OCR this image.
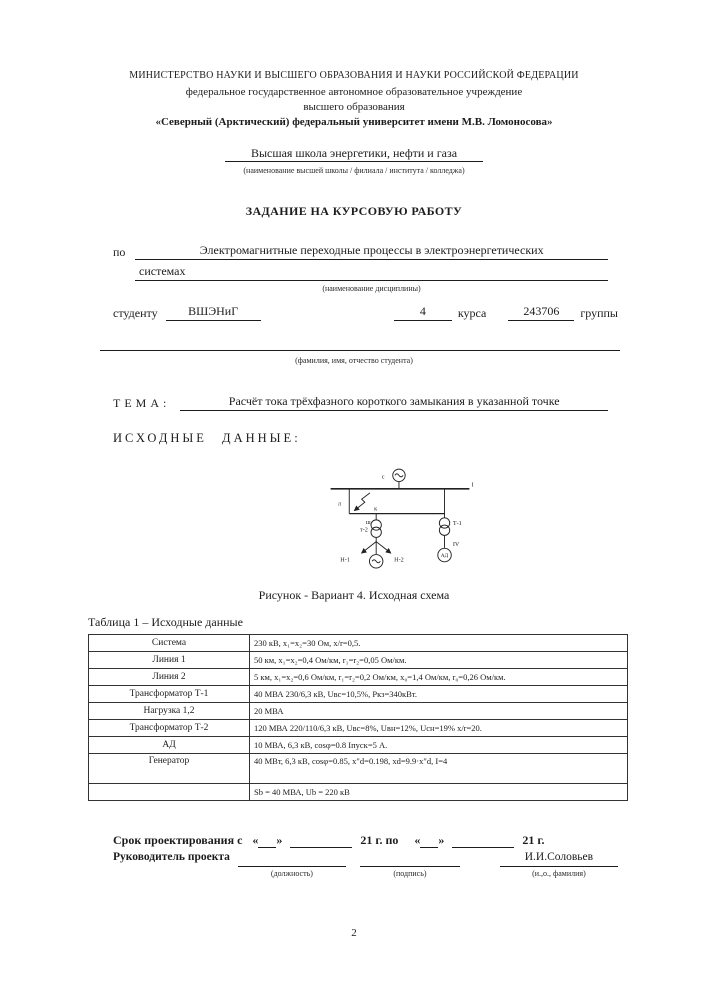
МИНИСТЕРСТВО НАУКИ И ВЫСШЕГО ОБРАЗОВАНИЯ И НАУКИ РОССИЙСКОЙ ФЕДЕРАЦИИ
федеральное государственное автономное образовательное учреждение
высшего образования
«Северный (Арктический) федеральный университет имени М.В. Ломоносова»
Высшая школа энергетики, нефти и газа
(наименование высшей школы / филиала / института / колледжа)
ЗАДАНИЕ НА КУРСОВУЮ РАБОТУ
по	Электромагнитные переходные процессы в электроэнергетических
системах
(наименование дисциплины)
студенту	ВШЭНиГ	4	курса	243706	группы
(фамилия, имя, отчество студента)
ТЕМА:	Расчёт тока трёхфазного короткого замыкания в указанной точке
ИСХОДНЫЕ ДАННЫЕ:
с
I
л
к
ш
т-2
Т-1
Н-1	Н-2
IV
АД
Рисунок - Вариант 4. Исходная схема
Таблица 1 – Исходные данные
Система	230 кВ, x₁=x₂=30 Ом, х/r=0,5.
Линия 1	50 км, x₁=x₂=0,4 Ом/км, r₁=r₂=0,05 Ом/км.
Линия 2	5 км, x₁=x₂=0,6 Ом/км, r₁=r₂=0,2 Ом/км, x₀=1,4 Ом/км, r₀=0,26 Ом/км.
Трансформатор Т-1	40 МВА 230/6,3 кВ, Uвс=10,5%, Pкз=340кВт.
Нагрузка 1,2	20 МВА
Трансформатор Т-2	120 МВА 220/110/6,3 кВ, Uвс=8%, Uвн=12%, Uсн=19% х/r=20.
АД	10 МВА, 6,3 кВ, cosφ=0.8 Iпуск=5 А.
Генератор	40 МВт, 6,3 кВ, cosφ=0.85, x″d=0.198, xd=9.9·x″d, I=4
	Sb = 40 МВА, Ub = 220 кВ
Срок проектирования с « »	21 г. по « »	21 г.
Руководитель проекта

(должность)	(подпись)
И.И.Соловьев
(и.,о., фамилия)
2
